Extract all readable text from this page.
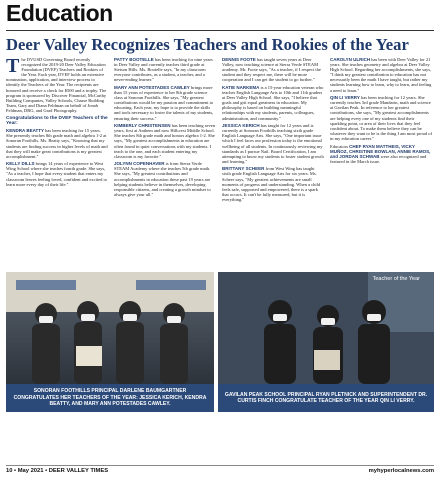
Education
Deer Valley Recognizes Teachers and Rookies of the Year

The DVUSD Governing Board recently recognized the 2019-20 Deer Valley Education Foundation (DVEF) Teachers and Rookies of the Year. Each year, DVEF holds an extensive nomination, application, and interview process to identify the Teachers of the Year. The recipients are honored and receive a check for $500 and a trophy. The program is sponsored by Discover Financial, McCarthy Building Companies, Valley Schools, Chasse Building Team, Gary and Diana Feldman on behalf of Jonah Feldman, DRG, and Grad Photography.

Congratulations to the DVEF Teachers of the Year:

KENDRA BEATTY has been teaching for 15 years. She presently teaches 8th grade math and algebra 1-2 at Sonoran Foothills. Ms. Beatty says, "Knowing that my students are finding success in higher levels of math and that they will make great contributions is my greatest accomplishment."

KELLY DILLS brings 14 years of experience to West Wing School where she teaches fourth grade. She says, "As a teacher, I hope that every student that enters my classroom leaves feeling loved, confident and excited to learn more every day of their life."

PATTY BOOTELLE has been teaching for nine years in Deer Valley and currently teaches third grade at Stetson Hills. Ms. Bootelle says, "In my classroom everyone contributes, as a student, a teacher, and a never-ending learner."

MARY ANN POTESTADES CAWLEY brings more than 15 years of experience to her 8th grade science class at Sonoran Foothills. She says, "My greatest contributions would be my passion and commitment to educating. Each year, my hope is to provide the skills and tools necessary to foster the talents of my students, ensuring their success."

KIMBERLY CHRISTENSEN has been teaching seven years, first at Anthem and now Hillcrest Middle School. She teaches 8th grade math and honors algebra 1-2. She says, "My greatest accomplishments in education are often found in quiet conversations with my students. I teach to the one, and each student entering my classroom is my favorite."

JOLYNN COPENHAVER is from Sierra Verde STEAM Academy where she teaches 5th grade math. She says, "My greatest contributions and accomplishments in education these past 19 years are helping students believe in themselves, developing responsible citizens, and creating a growth mindset to always give your all."

DENNIS FOOTE has taught seven years at Deer Valley, now teaching science at Sierra Verde STEAM academy. Mr. Foote says, "As a teacher, if I respect the student and they respect me, there will be more cooperation and I can get the student to go further."

KATIE NARKEMA is a 15-year education veteran who teaches English Language Arts to 10th and 11th graders at Deer Valley High School. She says, "I believe that goals and grit equal greatness in education. My philosophy is based on building meaningful relationships with my students, parents, colleagues, administration, and community."

JESSICA KERICH has taught for 12 years and is currently at Sonoran Foothills teaching sixth grade English Language Arts. She says, "One important issue which I feel faces our profession today is the emotional wellbeing of all students. In continuously reviewing my standards as I pursue Natl. Board Certification, I am attempting to know my students to foster student growth and learning."

BRITTANY SCHEER from West Wing has taught sixth grade English Language Arts for six years. Ms. Scheer says, "My greatest achievements are small moments of progress and understanding. When a child feels safe, supported and empowered, there is a spark that occurs. It can't be fully measured, but it is everything."

CAROLYN ULRICH has been with Deer Valley for 21 years. She teaches geometry and algebra at Deer Valley High School. Regarding her accomplishments, she says, "I think my greatest contribution to education has not necessarily been the math I have taught, but rather my students learning how to learn, why to learn, and feeling a need to learn."

QIN LI VERRY has been teaching for 12 years. She currently teaches 3rd grade Mandarin, math and science at Gavilan Peak. In reference to her greatest contributions, she says, "My greatest accomplishments are helping every one of my students find their sparkling point, or area of their lives that they feel confident about. To make them believe they can be whatever they want to be is the thing I am most proud of in my education career."

Educators CHEF RYAN MATTHEIS, VICKY MUÑOZ, CHRISTINE BOWLAN, ANNIE RAMOS, and JORDAN SCHWAB were also recognized and featured in the March issue.

SONORAN FOOTHILLS PRINCIPAL DARLENE BAUMGARTNER CONGRATULATES HER TEACHERS OF THE YEAR: JESSICA KERICH, KENDRA BEATTY, AND MARY ANN POTESTADES CAWLEY.
Teacher of the Year
GAVILAN PEAK SCHOOL PRINCIPAL RYAN PLETNICK AND SUPERINTENDENT DR. CURTIS FINCH CONGRATULATE TEACHER OF THE YEAR QIN LI VERRY.
10 • May 2021 • DEER VALLEY TIMES	myhyperlocalnews.com
